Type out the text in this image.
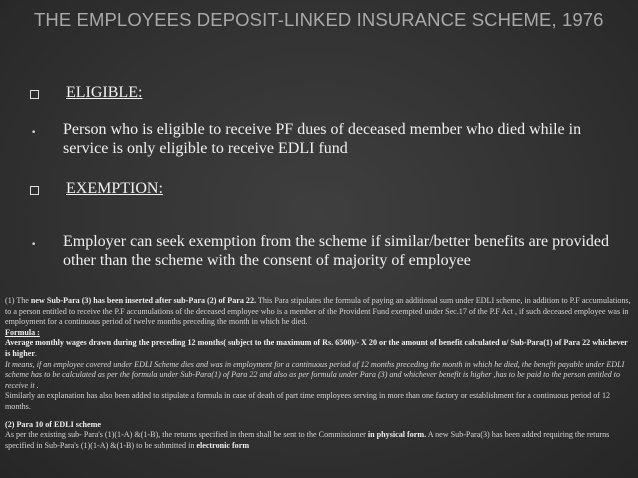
THE EMPLOYEES DEPOSIT-LINKED INSURANCE SCHEME, 1976
ELIGIBLE:
• Person who is eligible to receive PF dues of deceased member who died while in service is only eligible to receive EDLI fund
EXEMPTION:
• Employer can seek exemption from the scheme if similar/better benefits are provided other than the scheme with the consent of majority of employee

(1) The new Sub-Para (3) has been inserted after sub-Para (2) of Para 22. This Para stipulates the formula of paying an additional sum under EDLI scheme, in addition to P.F accumulations, to a person entitled to receive the P.F accumulations of the deceased employee who is a member of the Provident Fund exempted under Sec.17 of the P.F Act , if such deceased employee was in employment for a continuous period of twelve months preceding the month in which he died.

Formula :

Average monthly wages drawn during the preceding 12 months( subject to the maximum of Rs. 6500)/- X 20 or the amount of benefit calculated u/ Sub-Para(1) of Para 22 whichever is higher.

It means, if an employee covered under EDLI Scheme dies and was in employment for a continuous period of 12 months preceding the month in which he died, the benefit payable under EDLI scheme has to be calculated as per the formula under Sub-Para(1) of Para 22 and also as per formula under Para (3) and whichever benefit is higher ,has to be paid to the person entitled to receive it .

Similarly an explanation has also been added to stipulate a formula in case of death of part time employees serving in more than one factory or establishment for a continuous period of 12 months.

(2) Para 10 of EDLI scheme

As per the existing sub- Para's (1)(1-A) &(1-B), the returns specified in them shall be sent to the Commissioner in physical form. A new Sub-Para(3) has been added requiring the returns specified in Sub-Para's (1)(1-A) &(1-B) to be submitted in electronic form
